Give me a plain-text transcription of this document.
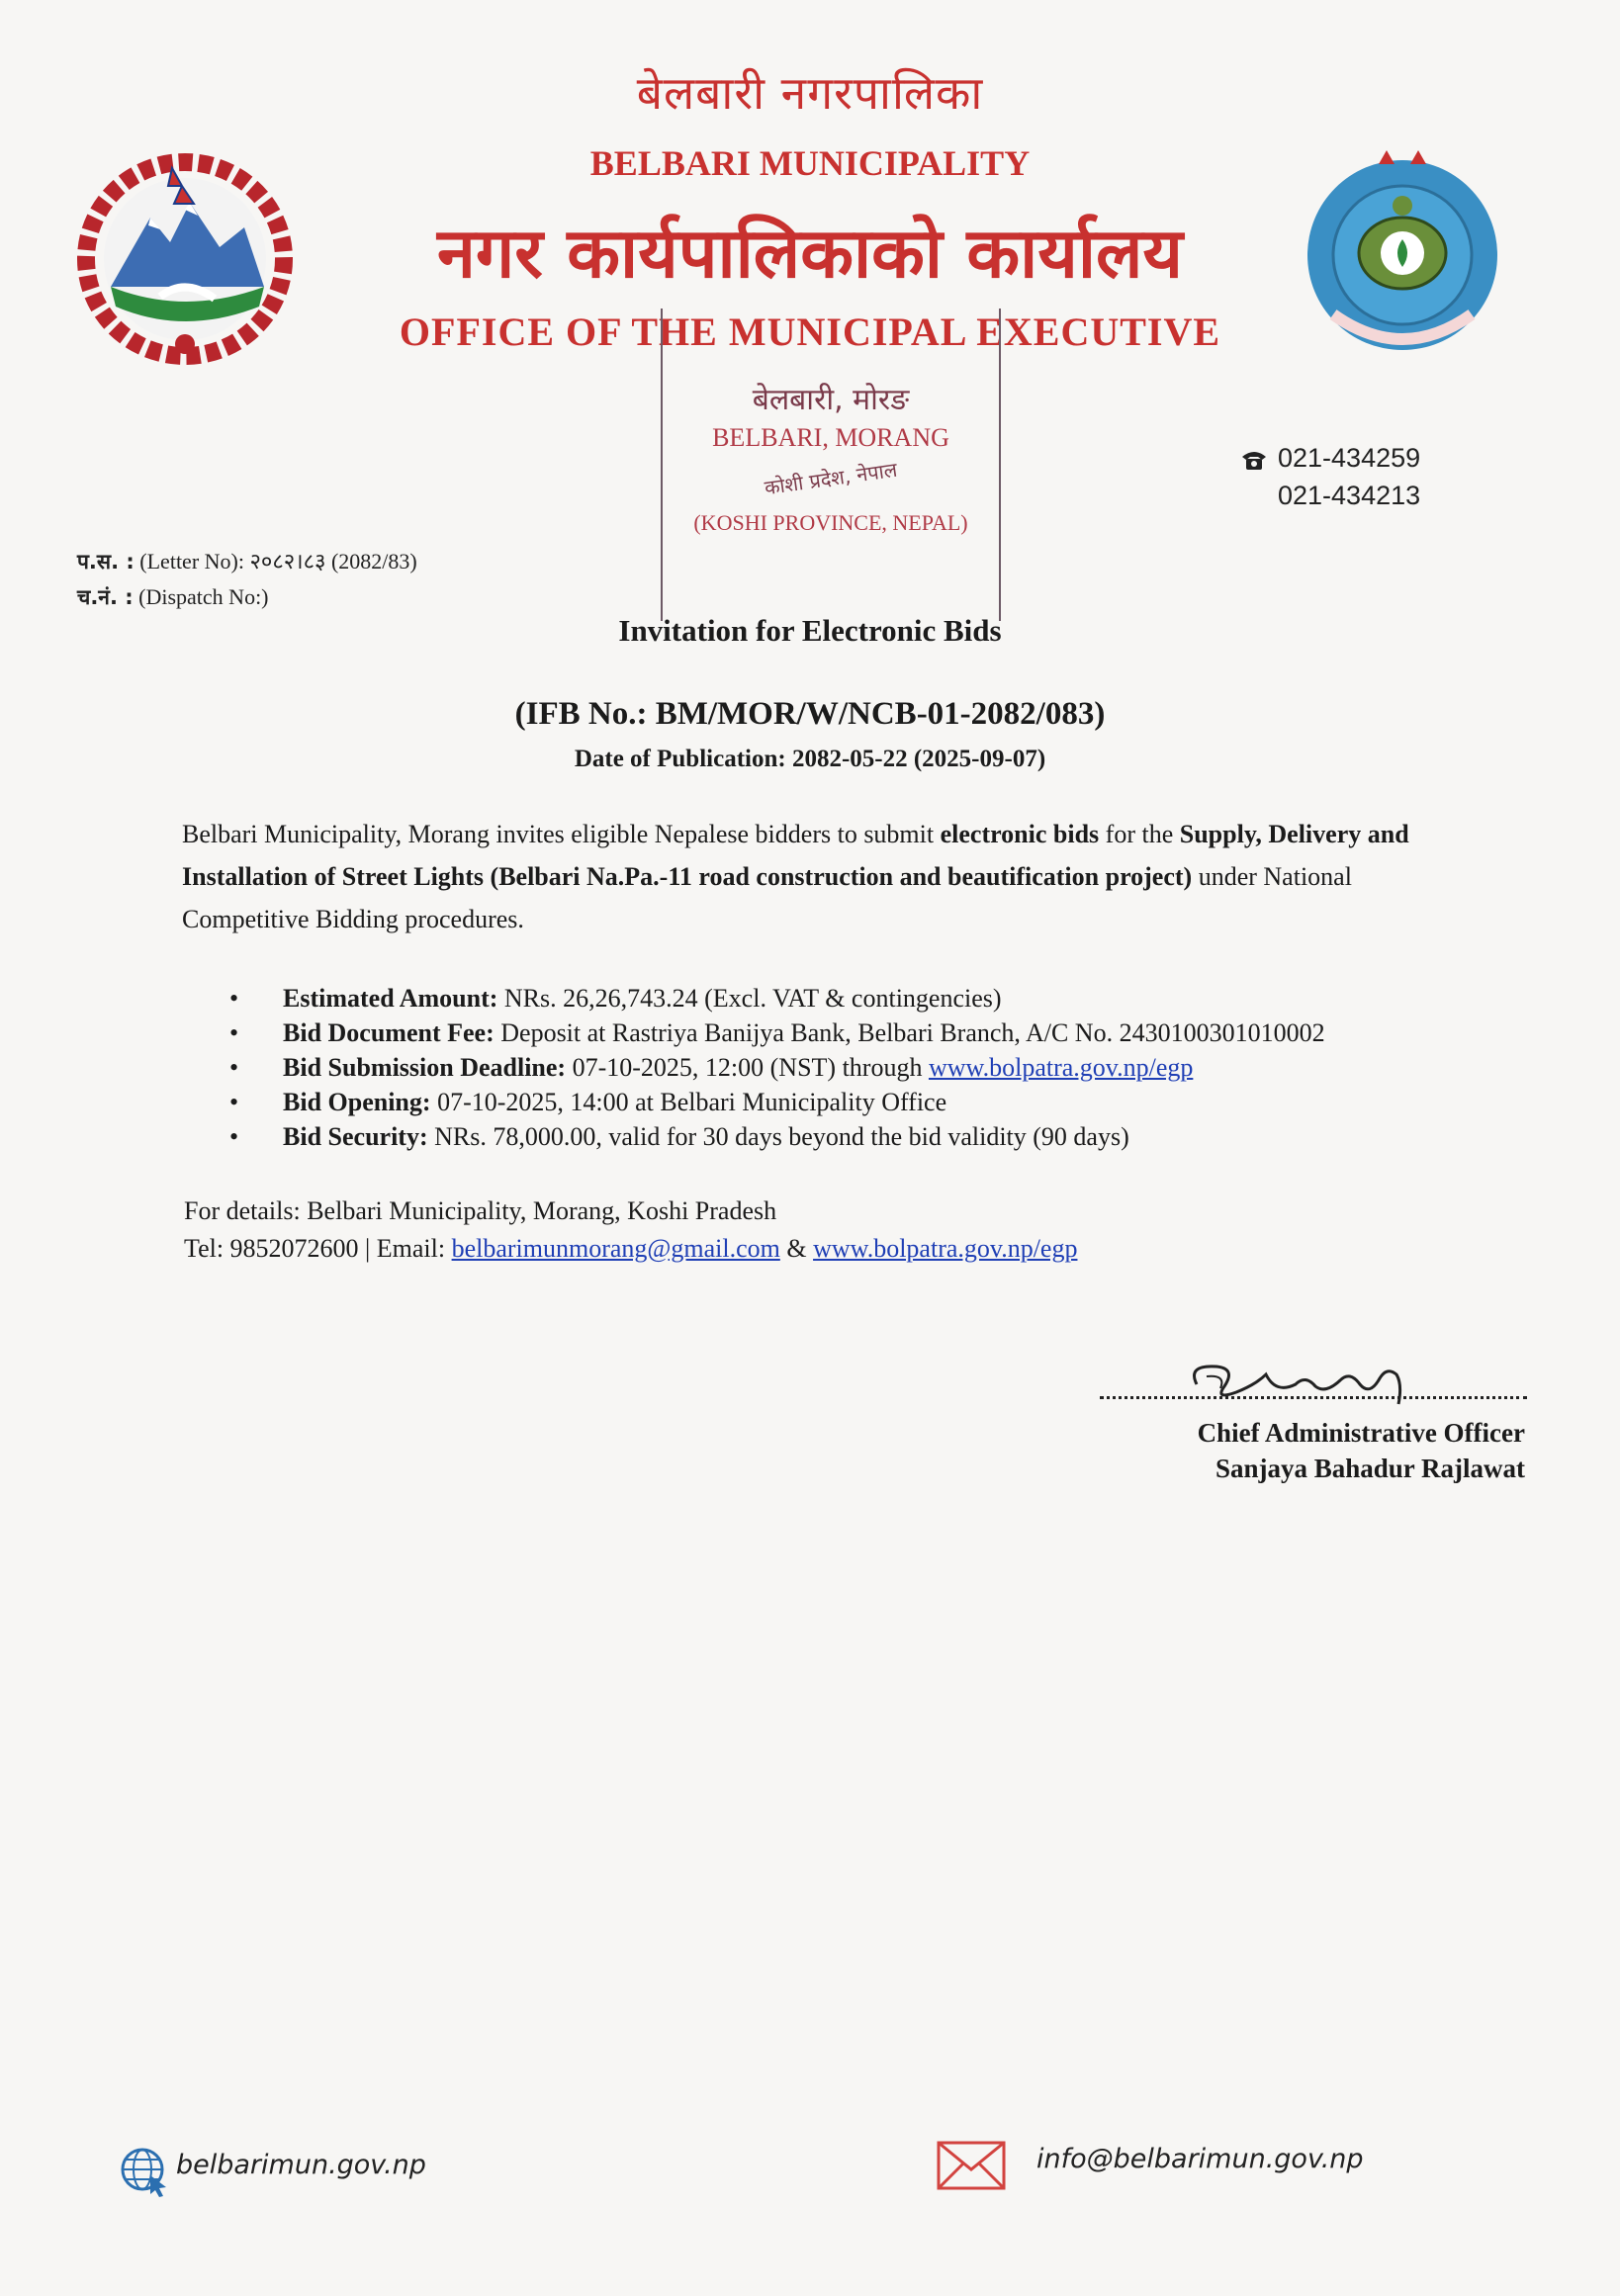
बेलबारी नगरपालिका
BELBARI MUNICIPALITY
नगर कार्यपालिकाको कार्यालय
OFFICE OF THE MUNICIPAL EXECUTIVE
बेलबारी, मोरङ
BELBARI, MORANG
कोशी प्रदेश, नेपाल
(KOSHI PROVINCE, NEPAL)
021-434259
021-434213
प.स. : (Letter No): २०८२।८३ (2082/83)
च.नं. : (Dispatch No:)
Invitation for Electronic Bids
(IFB No.: BM/MOR/W/NCB-01-2082/083)
Date of Publication: 2082-05-22 (2025-09-07)
Belbari Municipality, Morang invites eligible Nepalese bidders to submit electronic bids for the Supply, Delivery and Installation of Street Lights (Belbari Na.Pa.-11 road construction and beautification project) under National Competitive Bidding procedures.
• Estimated Amount: NRs. 26,26,743.24 (Excl. VAT & contingencies)
• Bid Document Fee: Deposit at Rastriya Banijya Bank, Belbari Branch, A/C No. 2430100301010002
• Bid Submission Deadline: 07-10-2025, 12:00 (NST) through www.bolpatra.gov.np/egp
• Bid Opening: 07-10-2025, 14:00 at Belbari Municipality Office
• Bid Security: NRs. 78,000.00, valid for 30 days beyond the bid validity (90 days)
For details: Belbari Municipality, Morang, Koshi Pradesh
Tel: 9852072600 | Email: belbarimunmorang@gmail.com & www.bolpatra.gov.np/egp
Chief Administrative Officer
Sanjaya Bahadur Rajlawat
belbarimun.gov.np	info@belbarimun.gov.np
